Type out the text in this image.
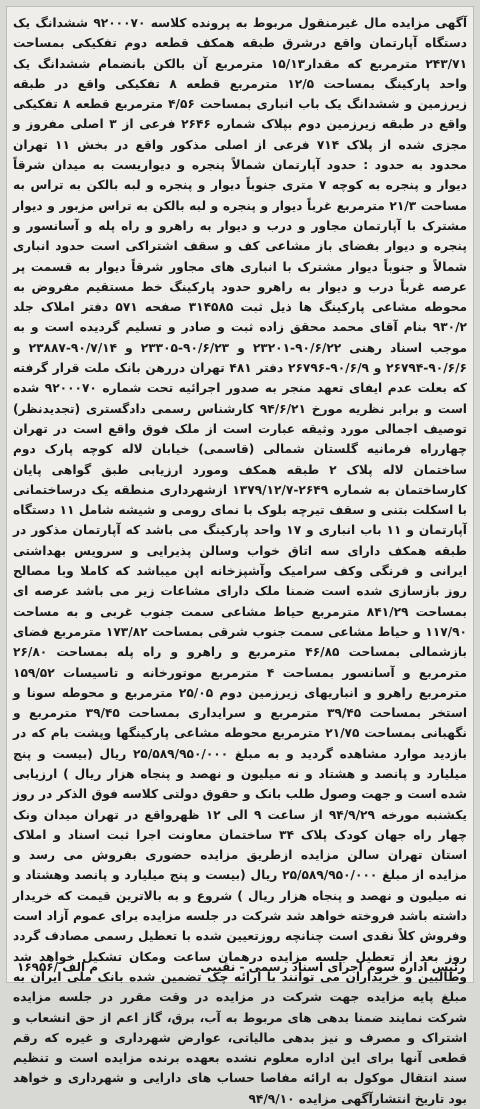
آگهی مزایده مال غیرمنقول مربوط به پرونده کلاسه ۹۲۰۰۰۷۰ ششدانگ یک دستگاه آپارتمان واقع درشرق طبقه همکف قطعه دوم تفکیکی بمساحت ۲۴۳/۷۱ مترمربع که مقدار۱۵/۱۳ مترمربع آن بالکن بانضمام ششدانگ یک واحد پارکینگ بمساحت ۱۲/۵ مترمربع قطعه ۸ تفکیکی واقع در طبقه زیرزمین و ششدانگ یک باب انباری بمساحت ۴/۵۶ مترمربع قطعه ۸ تفکیکی واقع در طبقه زیرزمین دوم بپلاک شماره ۲۶۴۶ فرعی از ۳ اصلی مفروز و مجزی شده از پلاک ۷۱۴ فرعی از اصلی مذکور واقع در بخش ۱۱ تهران محدود به حدود : حدود آپارتمان شمالاً پنجره و دیواریست به میدان شرقاً دیوار و پنجره به کوچه ۷ متری جنوباً دیوار و پنجره و لبه بالکن به تراس به مساحت ۲۱/۳ مترمربع غرباً دیوار و پنجره و لبه بالکن به تراس مزبور و دیوار مشترک با آپارتمان مجاور و درب و دیوار به راهرو و راه پله و آسانسور و پنجره و دیوار بفضای باز مشاعی کف و سقف اشتراکی است حدود انباری شمالاً و جنوباً دیوار مشترک با انباری های مجاور شرقاً دیوار به قسمت پر عرصه غرباً درب و دیوار به راهرو حدود پارکینگ خط مستقیم مفروض به محوطه مشاعی پارکینگ ها ذیل ثبت ۳۱۴۵۸۵ صفحه ۵۷۱ دفتر املاک جلد ۹۳۰/۲ بنام آقای محمد محقق زاده ثبت و صادر و تسلیم گردیده است و به موجب اسناد رهنی ۹۰/۶/۲۲-۲۳۲۰۱ و ۹۰/۶/۲۳-۲۳۳۰۵ و ۹۰/۷/۱۴-۲۳۸۸۷ و ۹۰/۶/۶-۲۶۷۹۴ و ۹۰/۶/۹-۲۶۷۹۶ دفتر ۴۸۱ تهران دررهن بانک ملت قرار گرفته که بعلت عدم ایفای تعهد منجر به صدور اجرائیه تحت شماره ۹۲۰۰۰۷۰ شده است و برابر نظریه مورخ ۹۴/۶/۲۱ کارشناس رسمی دادگستری (تجدیدنظر) توصیف اجمالی مورد وثیقه عبارت است از ملک فوق واقع است در تهران چهارراه فرمانیه گلستان شمالی (قاسمی) خیابان لاله کوچه پارک دوم ساختمان لاله پلاک ۲ طبقه همکف ومورد ارزیابی طبق گواهی پایان کارساختمان به شماره ۲۶۴۹-۱۳۷۹/۱۲/۷ ازشهرداری منطقه یک درساختمانی با اسکلت بتنی و سقف تیرچه بلوک با نمای رومی و شیشه شامل ۱۱ دستگاه آپارتمان و ۱۱ باب انباری و ۱۷ واحد پارکینگ می باشد که آپارتمان مذکور در طبقه همکف دارای سه اتاق خواب وسالن پذیرایی و سرویس بهداشتی ایرانی و فرنگی وکف سرامیک وآشپزخانه اپن میباشد که کاملا وبا مصالح روز بازسازی شده است ضمنا ملک دارای مشاعات زیر می باشد عرصه ای بمساحت ۸۴۱/۲۹ مترمربع حیاط مشاعی سمت جنوب غربی و به مساحت ۱۱۷/۹۰ و حیاط مشاعی سمت جنوب شرقی بمساحت ۱۷۳/۸۲ مترمربع فضای بازشمالی بمساحت ۴۶/۸۵ مترمربع و راهرو و راه پله بمساحت ۲۶/۸۰ مترمربع و آسانسور بمساحت ۴ مترمربع موتورخانه و تاسیسات ۱۵۹/۵۲ مترمربع راهرو و انباریهای زیرزمین دوم ۲۵/۰۵ مترمربع و محوطه سونا و استخر بمساحت ۳۹/۴۵ مترمربع و سرایداری بمساحت ۳۹/۴۵ مترمربع و نگهبانی بمساحت ۲۱/۷۵ مترمربع محوطه مشاعی پارکینگها وپشت بام که در بازدید موارد مشاهده گردید و به مبلغ ۲۵/۵۸۹/۹۵۰/۰۰۰ ریال (بیست و پنج میلیارد و پانصد و هشتاد و نه میلیون و نهصد و پنجاه هزار ریال ) ارزیابی شده است و جهت وصول طلب بانک و حقوق دولتی کلاسه فوق الذکر در روز یکشنبه مورخه ۹۴/۹/۲۹ از ساعت ۹ الی ۱۲ ظهرواقع در تهران میدان ونک چهار راه جهان کودک پلاک ۳۴ ساختمان معاونت اجرا ثبت اسناد و املاک استان تهران سالن مزایده ازطریق مزایده حضوری بفروش می رسد و مزایده از مبلغ ۲۵/۵۸۹/۹۵۰/۰۰۰ ریال (بیست و پنج میلیارد و پانصد وهشتاد و نه میلیون و نهصد و پنجاه هزار ریال ) شروع و به بالاترین قیمت که خریدار داشته باشد فروخته خواهد شد شرکت در جلسه مزایده برای عموم آزاد است وفروش کلاً نقدی است چنانچه روزتعیین شده با تعطیل رسمی مصادف گردد روز بعد از تعطیل جلسه مزایده درهمان ساعت ومکان تشکیل خواهد شد وطالبین و خریداران می توانند با ارائه چک تضمین شده بانک ملی ایران به مبلغ پایه مزایده جهت شرکت در مزایده در وقت مقرر در جلسه مزایده شرکت نمایند ضمنا بدهی های مربوط به آب، برق، گاز اعم از حق انشعاب و اشتراک و مصرف و نیز بدهی مالیاتی، عوارض شهرداری و غیره که رقم قطعی آنها برای این اداره معلوم نشده بعهده برنده مزایده است و تنظیم سند انتقال موکول به ارائه مفاصا حساب های دارایی و شهرداری و خواهد بود تاریخ انتشارآگهی مزایده ۹۴/۹/۱۰
رئیس اداره سوم اجرای اسناد رسمی - نقیبی
۱۶۹۵۶/ م الف
